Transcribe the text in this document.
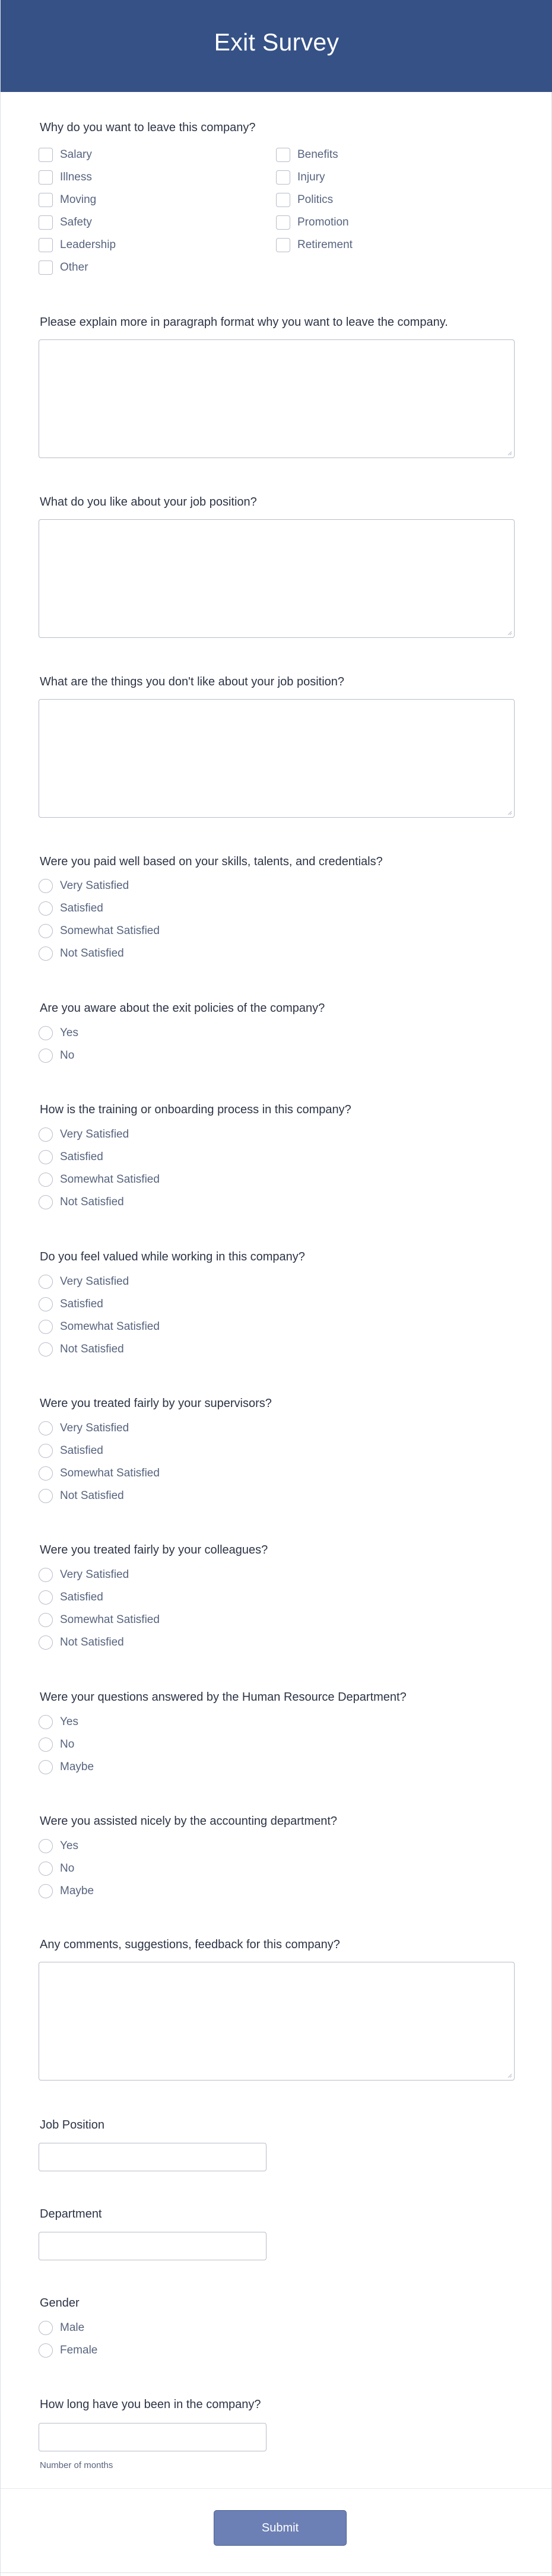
Exit Survey
Why do you want to leave this company?
Salary
Illness
Moving
Safety
Leadership
Other
Benefits
Injury
Politics
Promotion
Retirement
Please explain more in paragraph format why you want to leave the company.
What do you like about your job position?
What are the things you don't like about your job position?
Were you paid well based on your skills, talents, and credentials?
Very Satisfied
Satisfied
Somewhat Satisfied
Not Satisfied
Are you aware about the exit policies of the company?
Yes
No
How is the training or onboarding process in this company?
Very Satisfied
Satisfied
Somewhat Satisfied
Not Satisfied
Do you feel valued while working in this company?
Very Satisfied
Satisfied
Somewhat Satisfied
Not Satisfied
Were you treated fairly by your supervisors?
Very Satisfied
Satisfied
Somewhat Satisfied
Not Satisfied
Were you treated fairly by your colleagues?
Very Satisfied
Satisfied
Somewhat Satisfied
Not Satisfied
Were your questions answered by the Human Resource Department?
Yes
No
Maybe
Were you assisted nicely by the accounting department?
Yes
No
Maybe
Any comments, suggestions, feedback for this company?
Job Position
Department
Gender
Male
Female
How long have you been in the company?
Number of months
Submit
